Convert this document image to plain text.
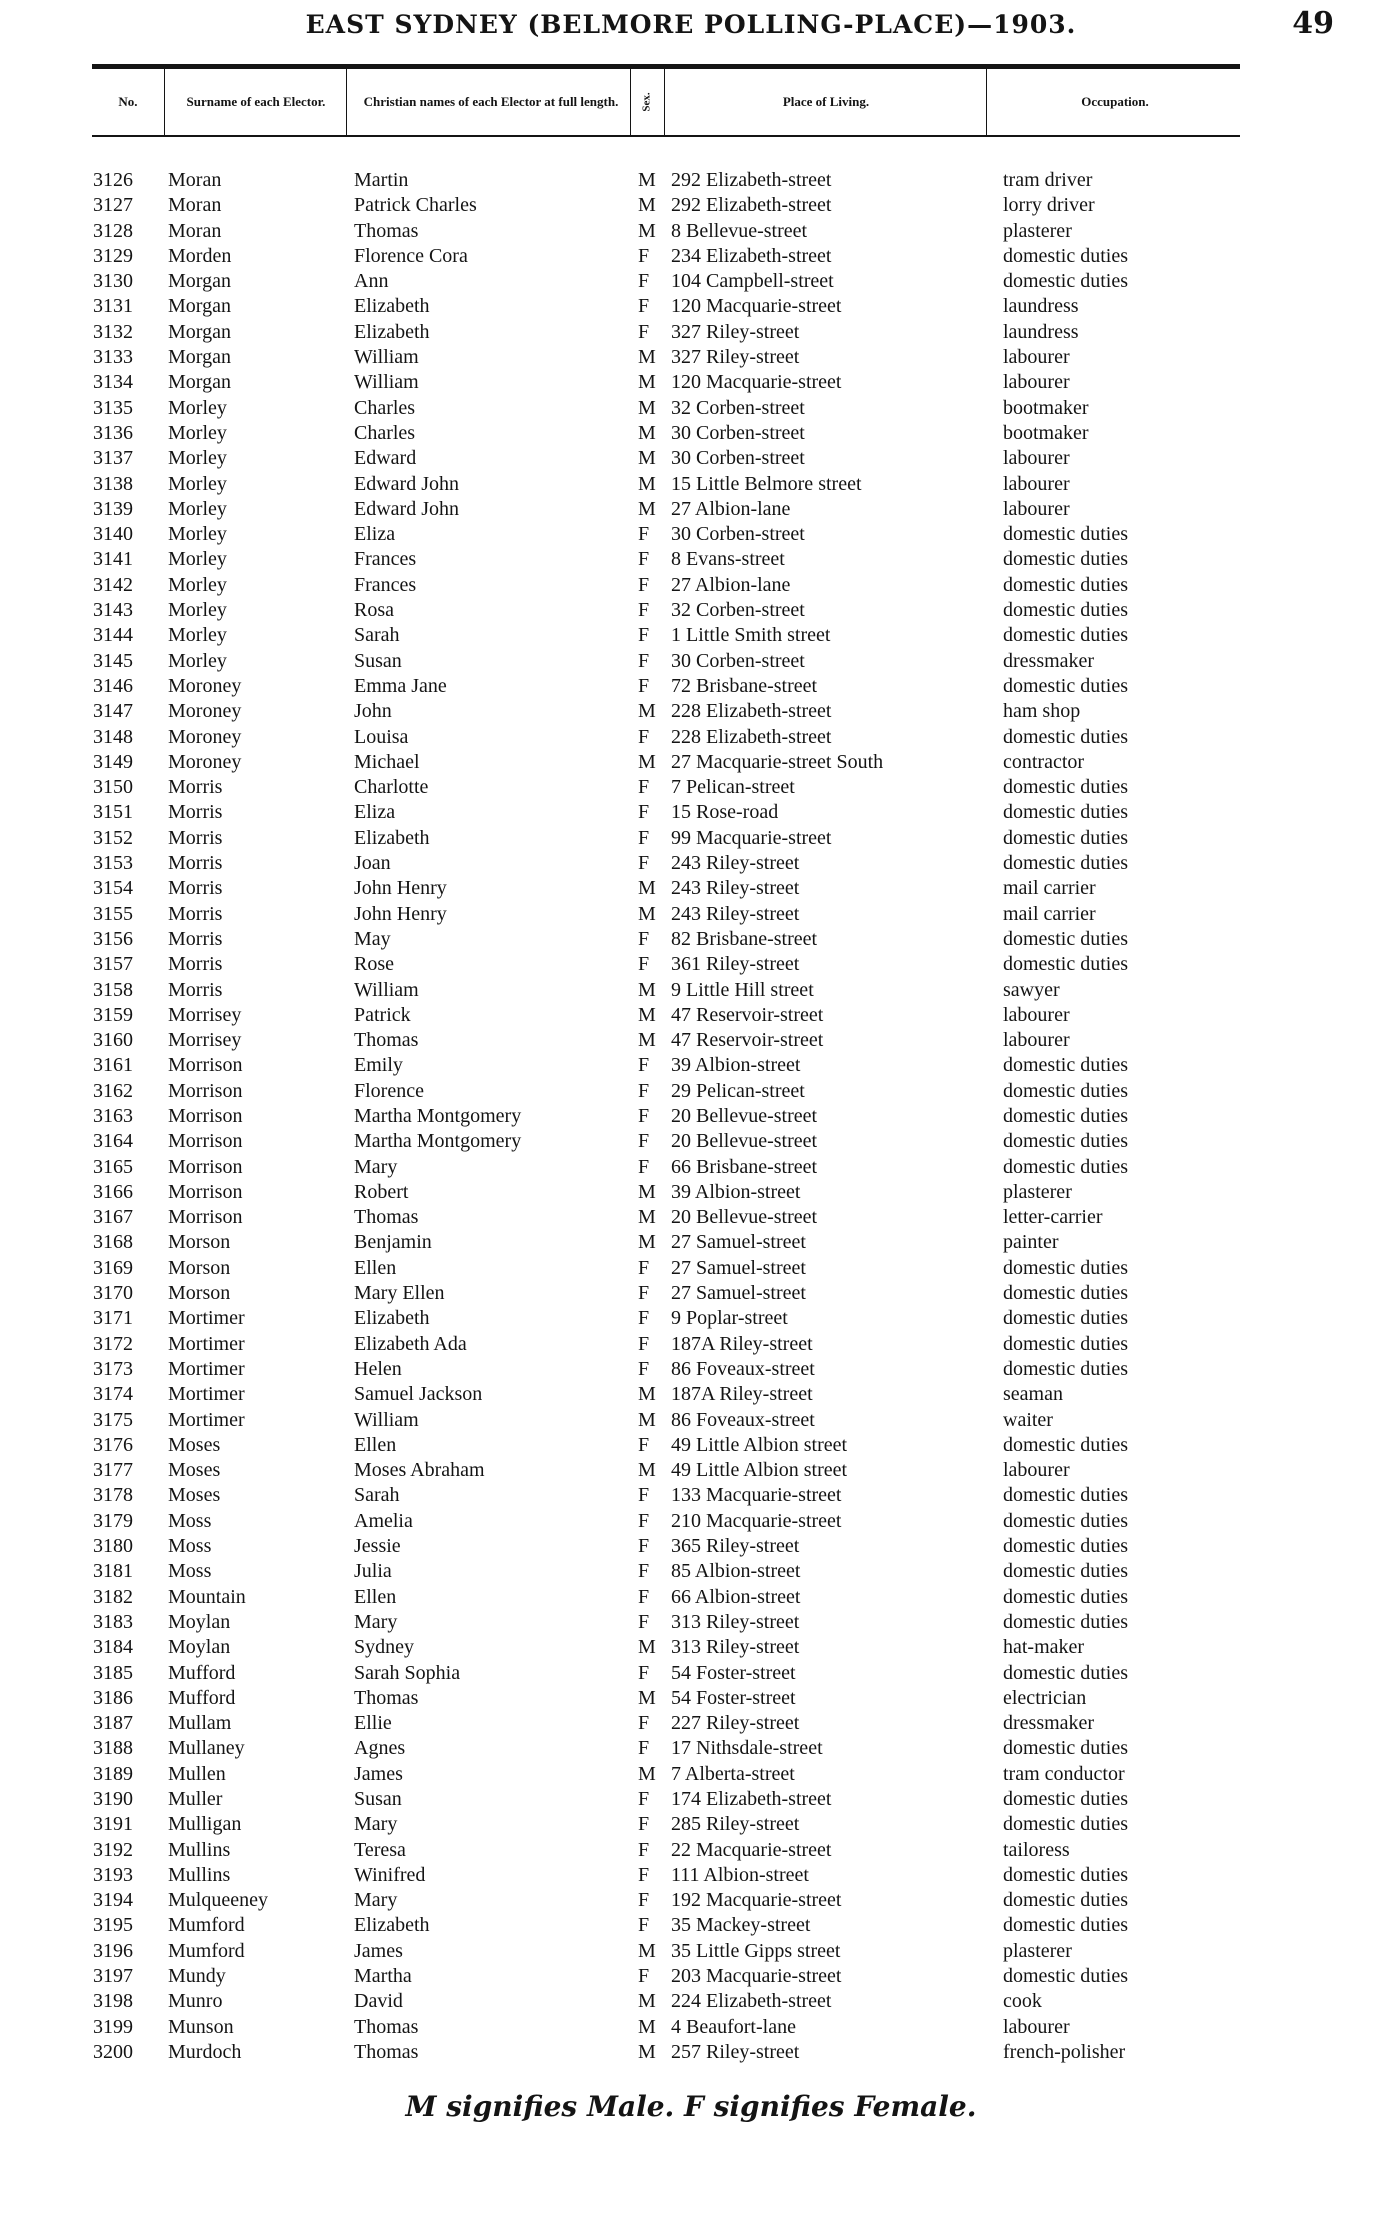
EAST SYDNEY (BELMORE POLLING-PLACE)—1903.	49
No.	Surname of each Elector.	Christian names of each Elector at full length.	Sex.	Place of Living.	Occupation.
3126	Moran	Martin	M 292 Elizabeth-street	tram driver
3127	Moran	Patrick Charles	M 292 Elizabeth-street	lorry driver
3128	Moran	Thomas	M 8 Bellevue-street	plasterer
3129	Morden	Florence Cora	F	234 Elizabeth-street	domestic duties
3130	Morgan	Ann	F	104 Campbell-street	domestic duties
3131	Morgan	Elizabeth	F	120 Macquarie-street	laundress
3132	Morgan	Elizabeth	F	327 Riley-street	laundress
3133	Morgan	William	M 327 Riley-street	labourer
3134	Morgan	William	M 120 Macquarie-street	labourer
3135	Morley	Charles	M 32 Corben-street	bootmaker
3136	Morley	Charles	M 30 Corben-street	bootmaker
3137	Morley	Edward	M 30 Corben-street	labourer
3138	Morley	Edward John	M 15 Little Belmore street	labourer
3139	Morley	Edward John	M 27 Albion-lane	labourer
3140	Morley	Eliza	F	30 Corben-street	domestic duties
3141	Morley	Frances	F	8 Evans-street	domestic duties
3142	Morley	Frances	F	27 Albion-lane	domestic duties
3143	Morley	Rosa	F	32 Corben-street	domestic duties
3144	Morley	Sarah	F	1 Little Smith street	domestic duties
3145	Morley	Susan	F	30 Corben-street	dressmaker
3146	Moroney	Emma Jane	F	72 Brisbane-street	domestic duties
3147	Moroney	John	M 228 Elizabeth-street	ham shop
3148	Moroney	Louisa	F	228 Elizabeth-street	domestic duties
3149	Moroney	Michael	M 27 Macquarie-street South	contractor
3150	Morris	Charlotte	F	7 Pelican-street	domestic duties
3151	Morris	Eliza	F	15 Rose-road	domestic duties
3152	Morris	Elizabeth	F	99 Macquarie-street	domestic duties
3153	Morris	Joan	F	243 Riley-street	domestic duties
3154	Morris	John Henry	M 243 Riley-street	mail carrier
3155	Morris	John Henry	M 243 Riley-street	mail carrier
3156	Morris	May	F	82 Brisbane-street	domestic duties
3157	Morris	Rose	F	361 Riley-street	domestic duties
3158	Morris	William	M 9 Little Hill street	sawyer
3159	Morrisey	Patrick	M 47 Reservoir-street	labourer
3160	Morrisey	Thomas	M 47 Reservoir-street	labourer
3161	Morrison	Emily	F	39 Albion-street	domestic duties
3162	Morrison	Florence	F	29 Pelican-street	domestic duties
3163	Morrison	Martha Montgomery	F	20 Bellevue-street	domestic duties
3164	Morrison	Martha Montgomery	F	20 Bellevue-street	domestic duties
3165	Morrison	Mary	F	66 Brisbane-street	domestic duties
3166	Morrison	Robert	M 39 Albion-street	plasterer
3167	Morrison	Thomas	M 20 Bellevue-street	letter-carrier
3168	Morson	Benjamin	M 27 Samuel-street	painter
3169	Morson	Ellen	F	27 Samuel-street	domestic duties
3170	Morson	Mary Ellen	F	27 Samuel-street	domestic duties
3171	Mortimer	Elizabeth	F	9 Poplar-street	domestic duties
3172	Mortimer	Elizabeth Ada	F	187A Riley-street	domestic duties
3173	Mortimer	Helen	F	86 Foveaux-street	domestic duties
3174	Mortimer	Samuel Jackson	M 187A Riley-street	seaman
3175	Mortimer	William	M 86 Foveaux-street	waiter
3176	Moses	Ellen	F	49 Little Albion street	domestic duties
3177	Moses	Moses Abraham	M 49 Little Albion street	labourer
3178	Moses	Sarah	F	133 Macquarie-street	domestic duties
3179	Moss	Amelia	F	210 Macquarie-street	domestic duties
3180	Moss	Jessie	F	365 Riley-street	domestic duties
3181	Moss	Julia	F	85 Albion-street	domestic duties
3182	Mountain	Ellen	F	66 Albion-street	domestic duties
3183	Moylan	Mary	F	313 Riley-street	domestic duties
3184	Moylan	Sydney	M 313 Riley-street	hat-maker
3185	Mufford	Sarah Sophia	F	54 Foster-street	domestic duties
3186	Mufford	Thomas	M 54 Foster-street	electrician
3187	Mullam	Ellie	F	227 Riley-street	dressmaker
3188	Mullaney	Agnes	F	17 Nithsdale-street	domestic duties
3189	Mullen	James	M 7 Alberta-street	tram conductor
3190	Muller	Susan	F	174 Elizabeth-street	domestic duties
3191	Mulligan	Mary	F	285 Riley-street	domestic duties
3192	Mullins	Teresa	F	22 Macquarie-street	tailoress
3193	Mullins	Winifred	F	111 Albion-street	domestic duties
3194	Mulqueeney	Mary	F	192 Macquarie-street	domestic duties
3195	Mumford	Elizabeth	F	35 Mackey-street	domestic duties
3196	Mumford	James	M 35 Little Gipps street	plasterer
3197	Mundy	Martha	F	203 Macquarie-street	domestic duties
3198	Munro	David	M 224 Elizabeth-street	cook
3199	Munson	Thomas	M 4 Beaufort-lane	labourer
3200	Murdoch	Thomas	M 257 Riley-street	french-polisher
M signifies Male. F signifies Female.
